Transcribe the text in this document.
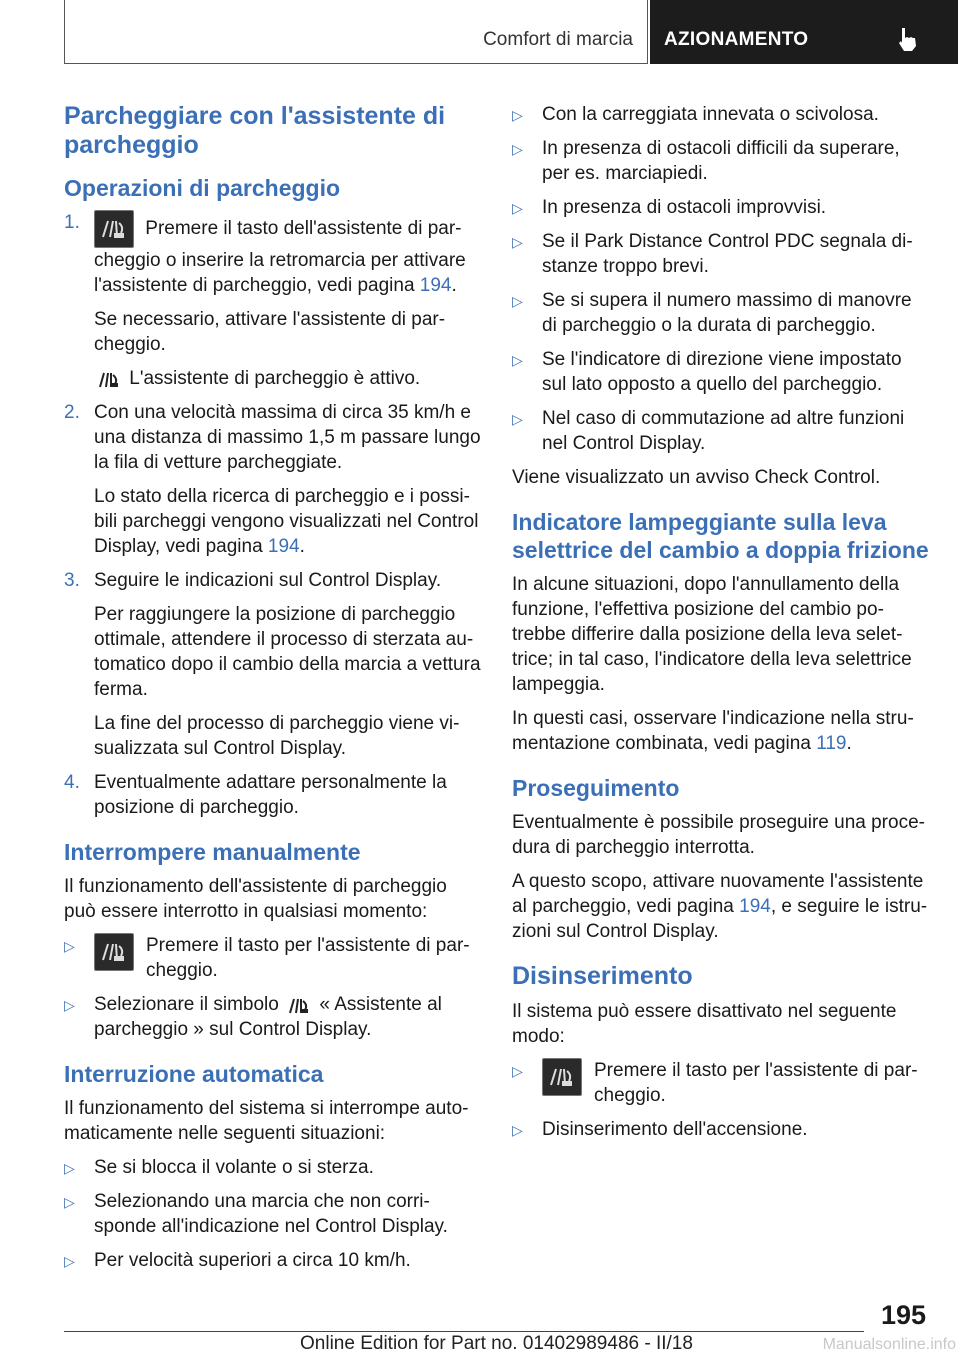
Comfort di marcia AZIONAMENTO
Parcheggiare con l'assistente di parcheggio
Operazioni di parcheggio
1.	Premere il tasto dell'assistente di parcheggio o inserire la retromarcia per attivare l'assistente di parcheggio, vedi pagina 194.
Se necessario, attivare l'assistente di parcheggio.
L'assistente di parcheggio è attivo.
2. Con una velocità massima di circa 35 km/h e una distanza di massimo 1,5 m passare lungo la fila di vetture parcheggiate.
Lo stato della ricerca di parcheggio e i possibili parcheggi vengono visualizzati nel Control Display, vedi pagina 194.
3. Seguire le indicazioni sul Control Display.
Per raggiungere la posizione di parcheggio ottimale, attendere il processo di sterzata automatico dopo il cambio della marcia a vettura ferma.
La fine del processo di parcheggio viene visualizzata sul Control Display.
4. Eventualmente adattare personalmente la posizione di parcheggio.
Interrompere manualmente

Il funzionamento dell'assistente di parcheggio può essere interrotto in qualsiasi momento:

▷	Premere il tasto per l'assistente di parcheggio.
▷ Selezionare il simbolo « Assistente al parcheggio » sul Control Display.
Interruzione automatica

Il funzionamento del sistema si interrompe automaticamente nelle seguenti situazioni:

▷ Se si blocca il volante o si sterza.
▷ Selezionando una marcia che non corrisponde all'indicazione nel Control Display.
▷ Per velocità superiori a circa 10 km/h.
▷ Con la carreggiata innevata o scivolosa.
▷ In presenza di ostacoli difficili da superare, per es. marciapiedi.
▷ In presenza di ostacoli improvvisi.
▷ Se il Park Distance Control PDC segnala distanze troppo brevi.
▷ Se si supera il numero massimo di manovre di parcheggio o la durata di parcheggio.
▷ Se l'indicatore di direzione viene impostato sul lato opposto a quello del parcheggio.
▷ Nel caso di commutazione ad altre funzioni nel Control Display.

Viene visualizzato un avviso Check Control.

Indicatore lampeggiante sulla leva selettrice del cambio a doppia frizione

In alcune situazioni, dopo l'annullamento della funzione, l'effettiva posizione del cambio potrebbe differire dalla posizione della leva selettrice; in tal caso, l'indicatore della leva selettrice lampeggia.

In questi casi, osservare l'indicazione nella strumentazione combinata, vedi pagina 119.

Proseguimento

Eventualmente è possibile proseguire una procedura di parcheggio interrotta.

A questo scopo, attivare nuovamente l'assistente al parcheggio, vedi pagina 194, e seguire le istruzioni sul Control Display.

Disinserimento

Il sistema può essere disattivato nel seguente modo:

▷	Premere il tasto per l'assistente di parcheggio.
▷ Disinserimento dell'accensione.
195
Online Edition for Part no. 01402989486 - II/18	Manualsonline.info
